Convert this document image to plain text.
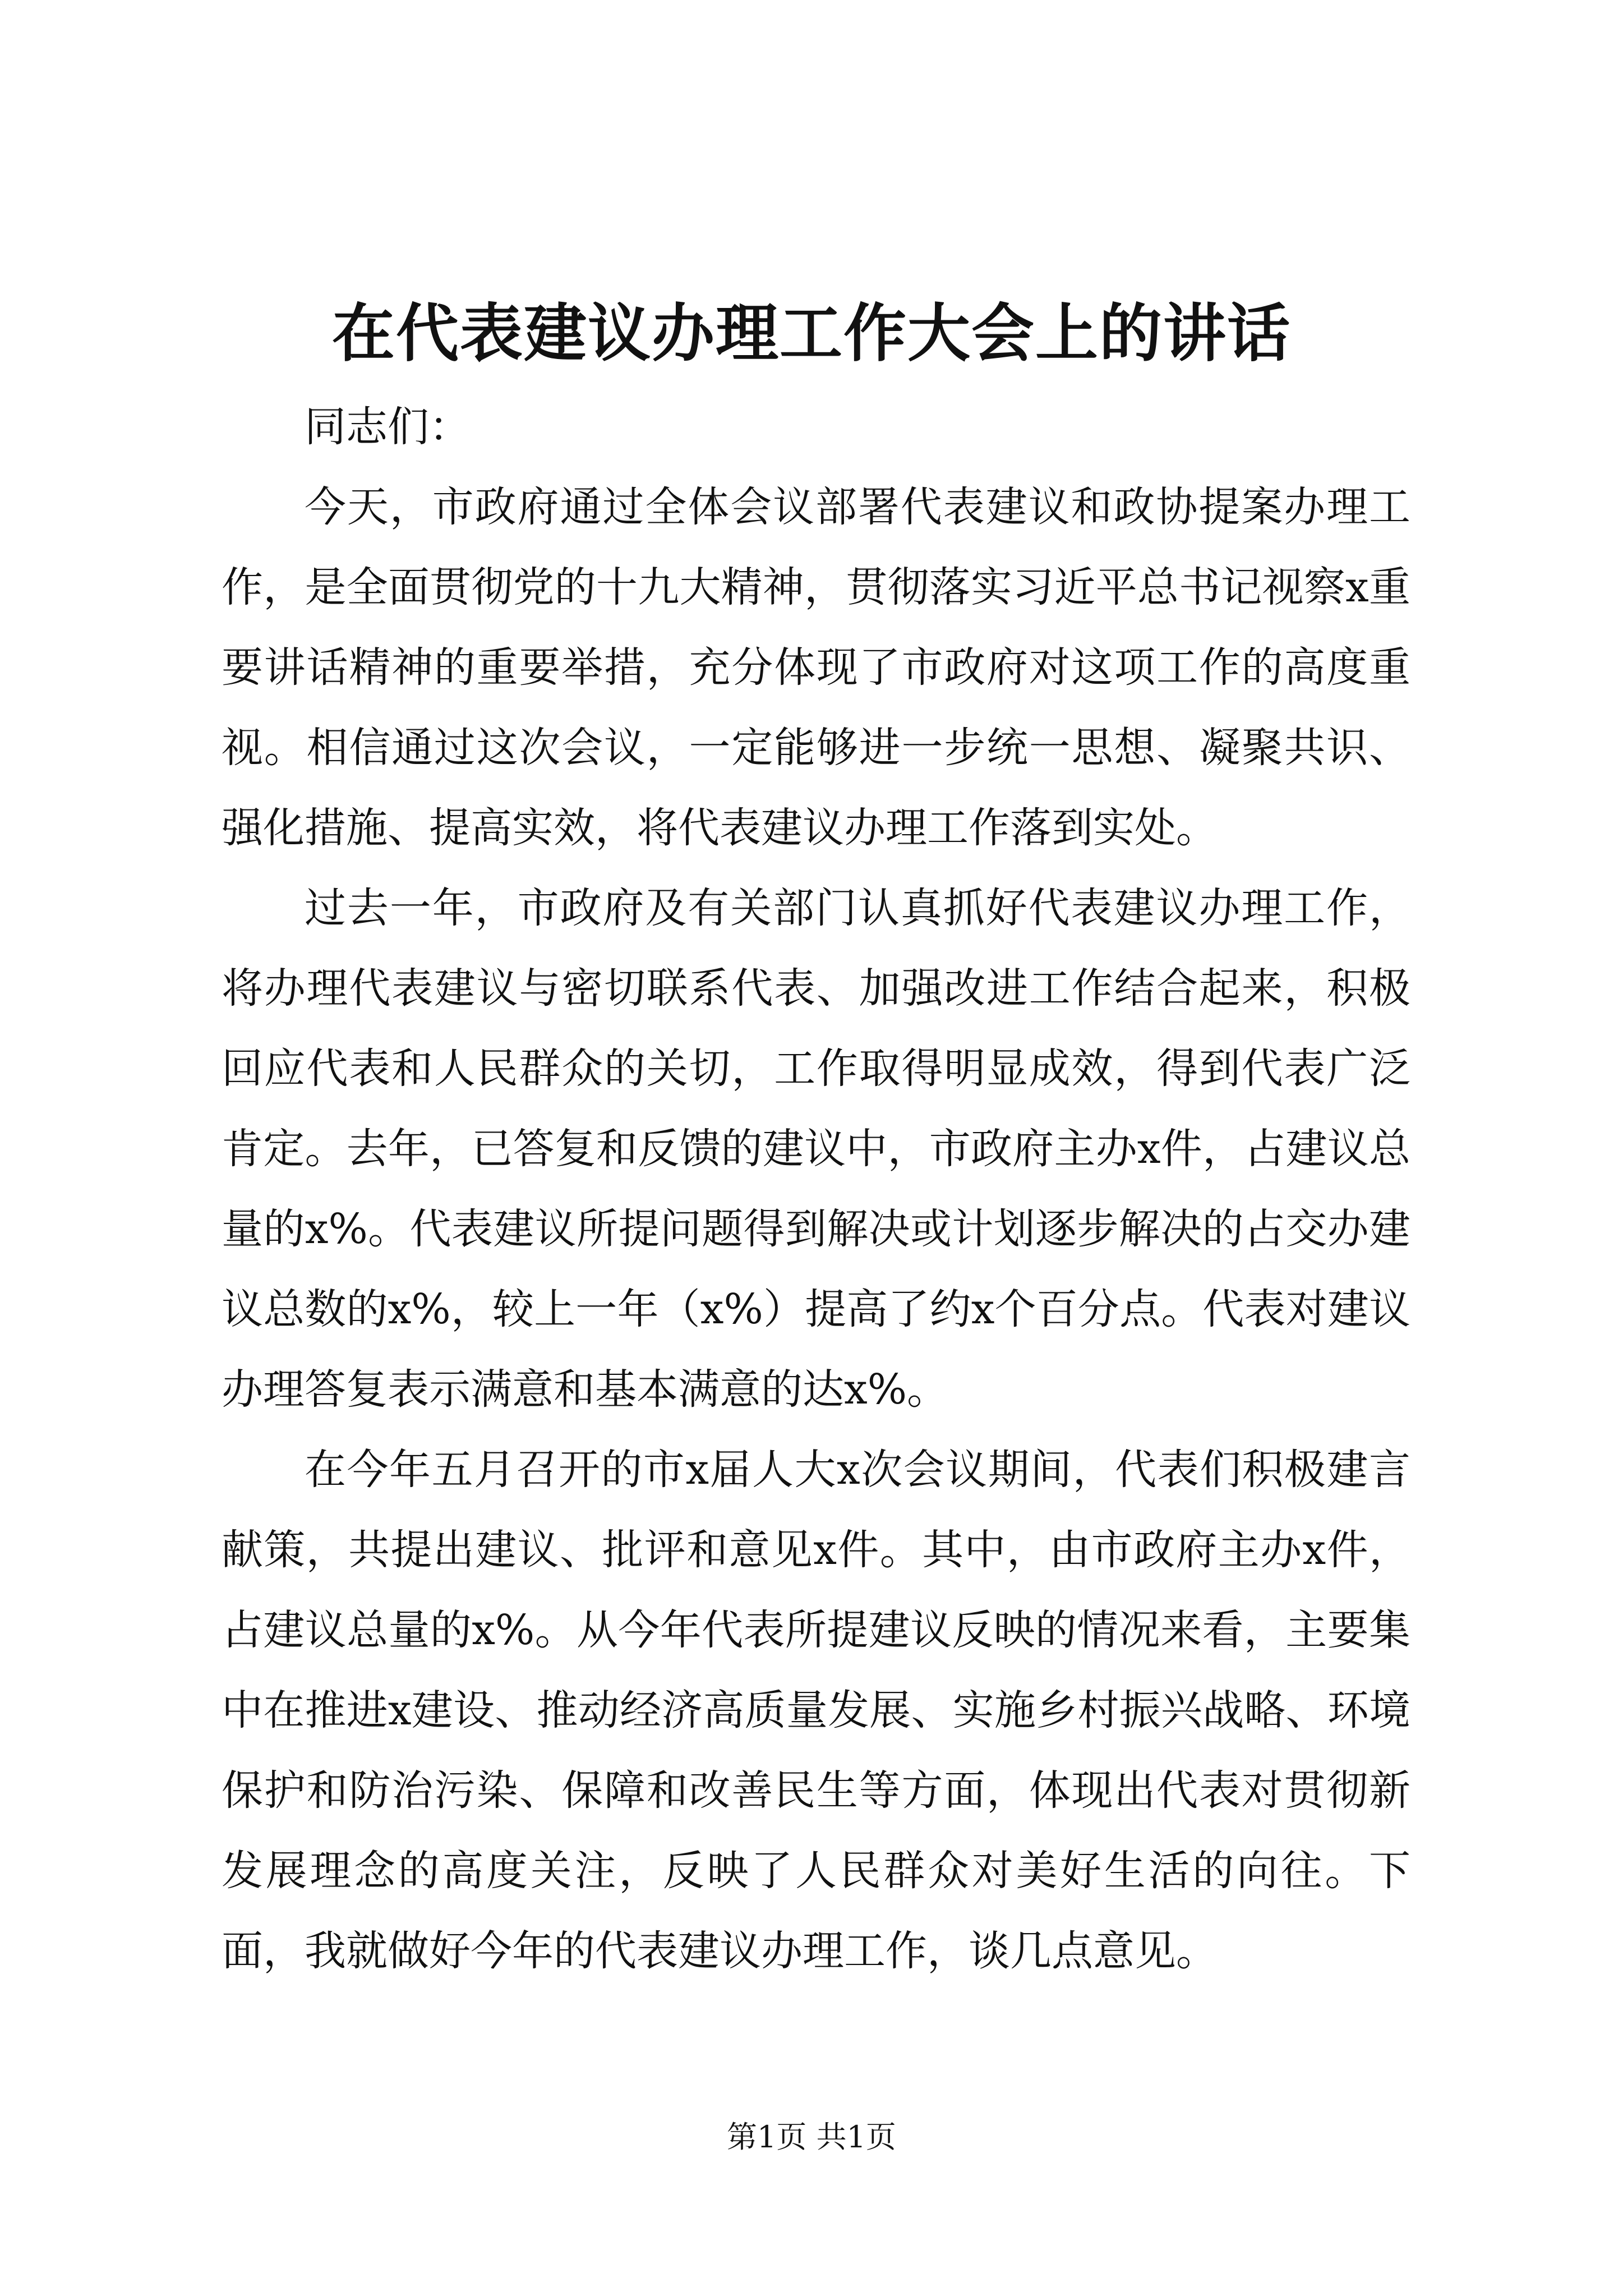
在代表建议办理工作大会上的讲话

同志们：

今天，市政府通过全体会议部署代表建议和政协提案办理工作，是全面贯彻党的十九大精神，贯彻落实习近平总书记视察x重要讲话精神的重要举措，充分体现了市政府对这项工作的高度重视。相信通过这次会议，一定能够进一步统一思想、凝聚共识、强化措施、提高实效，将代表建议办理工作落到实处。

过去一年，市政府及有关部门认真抓好代表建议办理工作，将办理代表建议与密切联系代表、加强改进工作结合起来，积极回应代表和人民群众的关切，工作取得明显成效，得到代表广泛肯定。去年，已答复和反馈的建议中，市政府主办x件，占建议总量的x%。代表建议所提问题得到解决或计划逐步解决的占交办建议总数的x%，较上一年（x%）提高了约x个百分点。代表对建议办理答复表示满意和基本满意的达x%。

在今年五月召开的市x届人大x次会议期间，代表们积极建言献策，共提出建议、批评和意见x件。其中，由市政府主办x件，占建议总量的x%。从今年代表所提建议反映的情况来看，主要集中在推进x建设、推动经济高质量发展、实施乡村振兴战略、环境保护和防治污染、保障和改善民生等方面，体现出代表对贯彻新发展理念的高度关注，反映了人民群众对美好生活的向往。下面，我就做好今年的代表建议办理工作，谈几点意见。

第1页 共1页
